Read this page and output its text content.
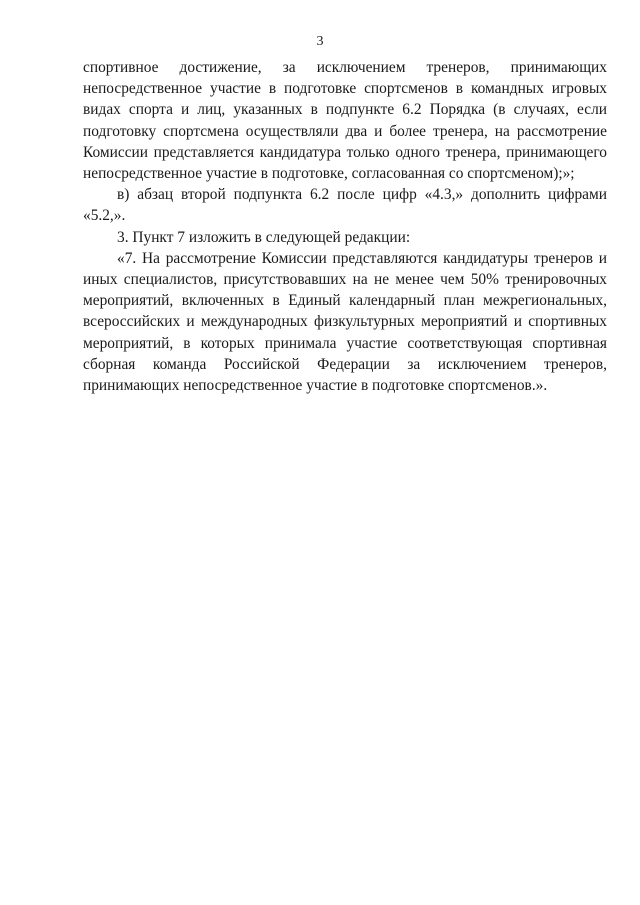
3

спортивное достижение, за исключением тренеров, принимающих непосредственное участие в подготовке спортсменов в командных игровых видах спорта и лиц, указанных в подпункте 6.2 Порядка (в случаях, если подготовку спортсмена осуществляли два и более тренера, на рассмотрение Комиссии представляется кандидатура только одного тренера, принимающего непосредственное участие в подготовке, согласованная со спортсменом);»;

в) абзац второй подпункта 6.2 после цифр «4.3,» дополнить цифрами «5.2,».

3. Пункт 7 изложить в следующей редакции:

«7. На рассмотрение Комиссии представляются кандидатуры тренеров и иных специалистов, присутствовавших на не менее чем 50% тренировочных мероприятий, включенных в Единый календарный план межрегиональных, всероссийских и международных физкультурных мероприятий и спортивных мероприятий, в которых принимала участие соответствующая спортивная сборная команда Российской Федерации за исключением тренеров, принимающих непосредственное участие в подготовке спортсменов.».
